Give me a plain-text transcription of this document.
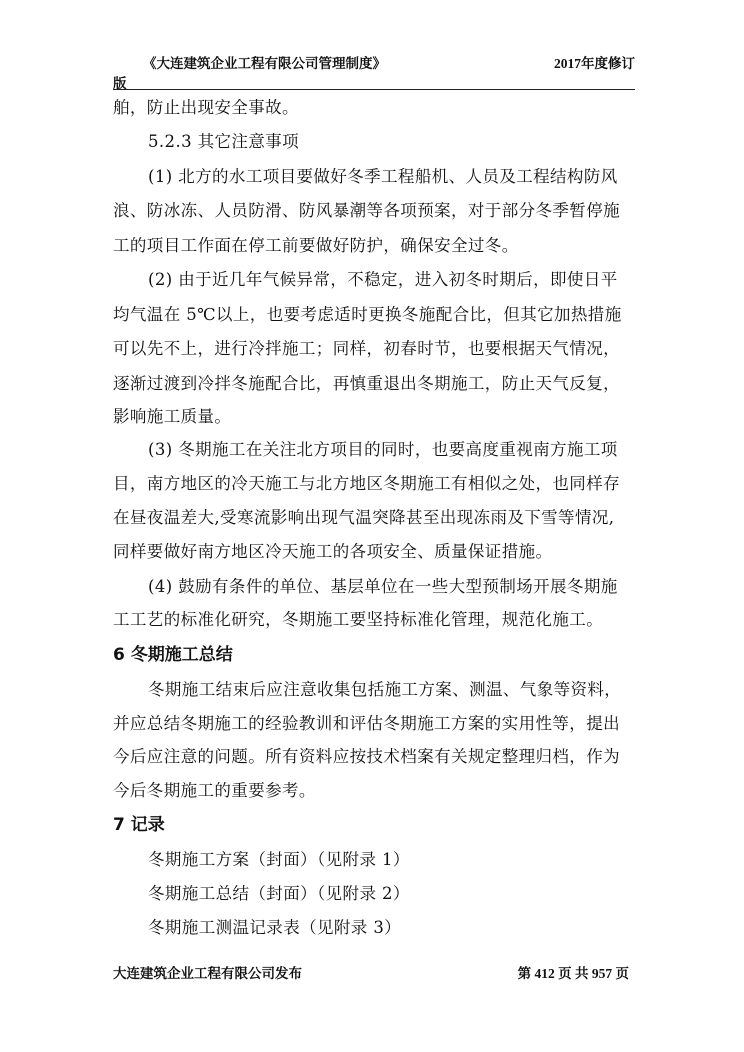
《大连建筑企业工程有限公司管理制度》	2017年度修订
版
舶，防止出现安全事故。
5.2.3 其它注意事项
(1) 北方的水工项目要做好冬季工程船机、人员及工程结构防风
浪、防冰冻、人员防滑、防风暴潮等各项预案，对于部分冬季暂停施
工的项目工作面在停工前要做好防护，确保安全过冬。
(2) 由于近几年气候异常，不稳定，进入初冬时期后，即使日平
均气温在 5℃以上，也要考虑适时更换冬施配合比，但其它加热措施
可以先不上，进行冷拌施工；同样，初春时节，也要根据天气情况，
逐渐过渡到冷拌冬施配合比，再慎重退出冬期施工，防止天气反复，
影响施工质量。
(3) 冬期施工在关注北方项目的同时，也要高度重视南方施工项
目，南方地区的冷天施工与北方地区冬期施工有相似之处，也同样存
在昼夜温差大,受寒流影响出现气温突降甚至出现冻雨及下雪等情况,
同样要做好南方地区冷天施工的各项安全、质量保证措施。
(4) 鼓励有条件的单位、基层单位在一些大型预制场开展冬期施
工工艺的标准化研究，冬期施工要坚持标准化管理，规范化施工。
6 冬期施工总结
冬期施工结束后应注意收集包括施工方案、测温、气象等资料，
并应总结冬期施工的经验教训和评估冬期施工方案的实用性等，提出
今后应注意的问题。所有资料应按技术档案有关规定整理归档，作为
今后冬期施工的重要参考。
7 记录
冬期施工方案（封面）（见附录 1）
冬期施工总结（封面）（见附录 2）
冬期施工测温记录表（见附录 3）
大连建筑企业工程有限公司发布	第 412 页 共 957 页
